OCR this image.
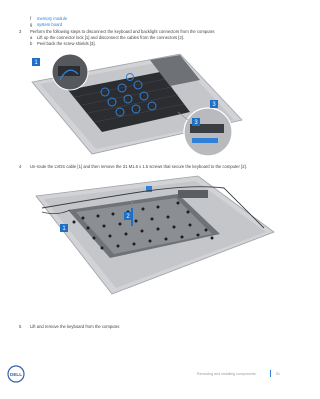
f memory module
g system board
3 Perform the following steps to disconnect the keyboard and backlight connectors from the computer.
a Lift up the connector lock [1] and disconnect the cables from the connectors [2].
b Peel back the screw shields [3].
1
3
3
4 Un-route the LVDS cable [1] and then remove the 31 M1.6 x 1.5 screws that secure the keyboard to the computer [2].
1
2
5 Lift and remove the keyboard from the computer.
DELL	Removing and installing components	51
